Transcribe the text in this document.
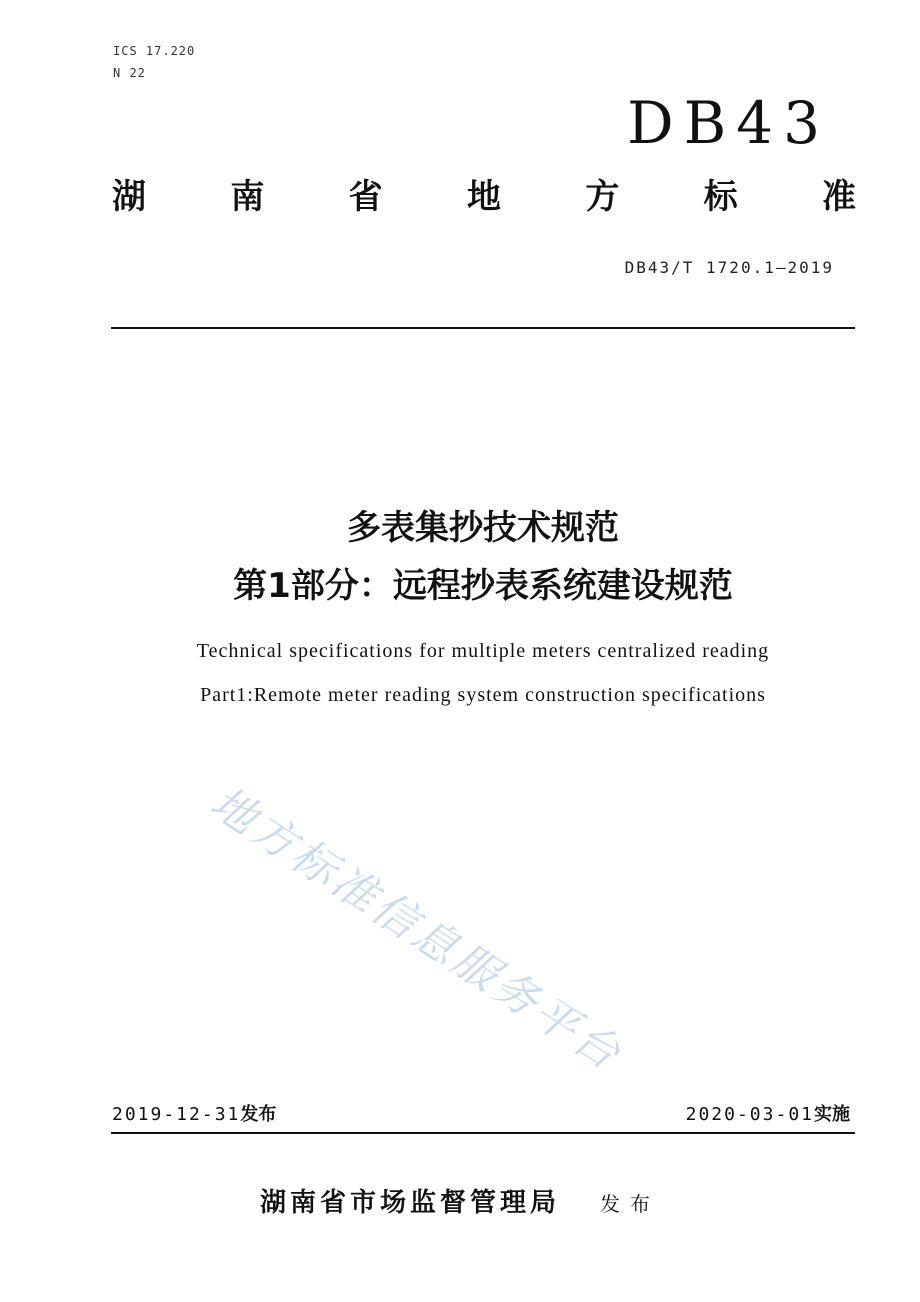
ICS 17.220
N 22
DB43
湖 南 省 地 方 标 准
DB43/T 1720.1—2019
多表集抄技术规范
第1部分：远程抄表系统建设规范
Technical specifications for multiple meters centralized reading
Part1:Remote meter reading system construction specifications
地方标准信息服务平台
2019-12-31发布	2020-03-01实施
湖南省市场监督管理局 发布
